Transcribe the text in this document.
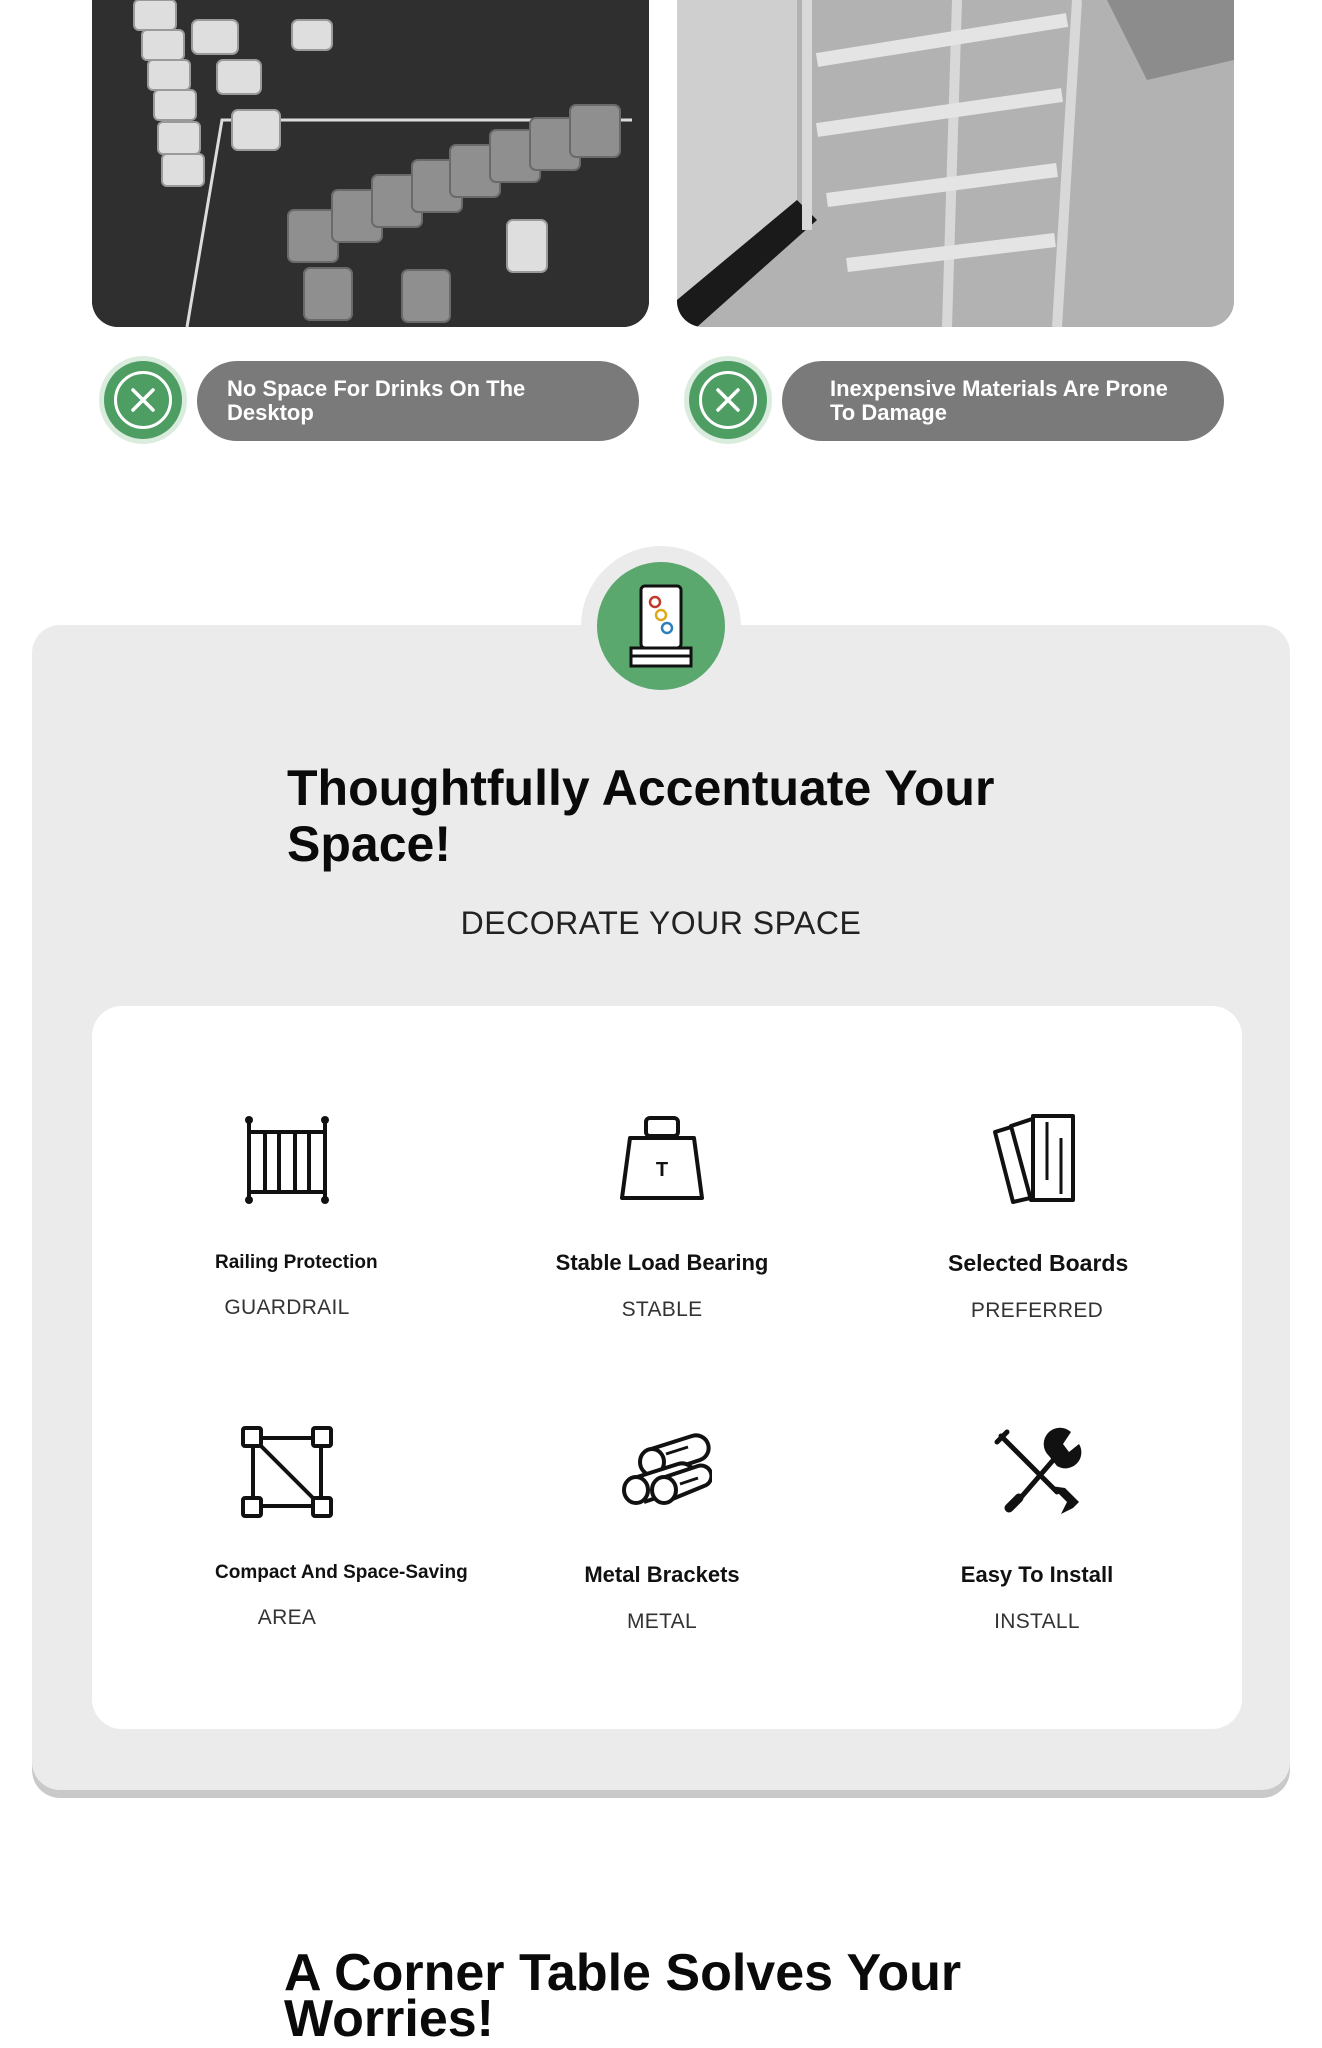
No Space For Drinks On The Desktop
Inexpensive Materials Are Prone To Damage
Thoughtfully Accentuate Your Space!
DECORATE YOUR SPACE
Railing Protection
GUARDRAIL
T
Stable Load Bearing
STABLE
Selected Boards
PREFERRED
Compact And Space-Saving
AREA
Metal Brackets
METAL
Easy To Install
INSTALL
A Corner Table Solves Your Worries!
